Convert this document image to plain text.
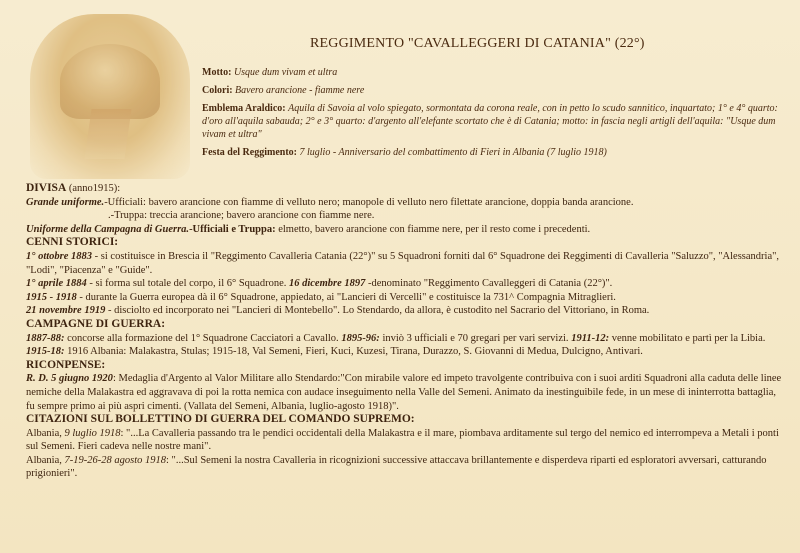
REGGIMENTO "CAVALLEGGERI DI CATANIA" (22°)
Motto: Usque dum vivam et ultra
Colori: Bavero arancione - fiamme nere
Emblema Araldico: Aquila di Savoia al volo spiegato, sormontata da corona reale, con in petto lo scudo sannitico, inquartato; 1° e 4° quarto: d'oro all'aquila sabauda; 2° e 3° quarto: d'argento all'elefante scortato che è di Catania; motto: in fascia negli artigli dell'aquila: "Usque dum vivam et ultra"
Festa del Reggimento: 7 luglio - Anniversario del combattimento di Fieri in Albania (7 luglio 1918)

DIVISA (anno1915):

Grande uniforme.-Ufficiali: bavero arancione con fiamme di velluto nero; manopole di velluto nero filettate arancione, doppia banda arancione.

.-Truppa: treccia arancione; bavero arancione con fiamme nere.

Uniforme della Campagna di Guerra.-Ufficiali e Truppa: elmetto, bavero arancione con fiamme nere, per il resto come i precedenti.

CENNI STORICI:

1° ottobre 1883 - si costituisce in Brescia il "Reggimento Cavalleria Catania (22°)" su 5 Squadroni forniti dal 6° Squadrone dei Reggimenti di Cavalleria "Saluzzo", "Alessandria", "Lodi", "Piacenza" e "Guide".

1° aprile 1884 - si forma sul totale del corpo, il 6° Squadrone. 16 dicembre 1897 -denominato "Reggimento Cavalleggeri di Catania (22°)".

1915 - 1918 - durante la Guerra europea dà il 6° Squadrone, appiedato, ai "Lancieri di Vercelli" e costituisce la 731^ Compagnia Mitraglieri.

21 novembre 1919 - disciolto ed incorporato nei "Lancieri di Montebello". Lo Stendardo, da allora, è custodito nel Sacrario del Vittoriano, in Roma.

CAMPAGNE DI GUERRA:

1887-88: concorse alla formazione del 1° Squadrone Cacciatori a Cavallo. 1895-96: inviò 3 ufficiali e 70 gregari per vari servizi. 1911-12: venne mobilitato e partì per la Libia. 1915-18: 1916 Albania: Malakastra, Stulas; 1915-18, Val Semeni, Fieri, Kuci, Kuzesi, Tirana, Durazzo, S. Giovanni di Medua, Dulcigno, Antivari.

RICONPENSE:

R. D. 5 giugno 1920: Medaglia d'Argento al Valor Militare allo Stendardo:"Con mirabile valore ed impeto travolgente contribuiva con i suoi arditi Squadroni alla caduta delle linee nemiche della Malakastra ed aggravava di poi la rotta nemica con audace inseguimento nella Valle del Semeni. Animato da inestinguibile fede, in un mese di ininterrotta battaglia, fu sempre primo ai più aspri cimenti. (Vallata del Semeni, Albania, luglio-agosto 1918)".

CITAZIONI SUL BOLLETTINO DI GUERRA DEL COMANDO SUPREMO:

Albania, 9 luglio 1918: "...La Cavalleria passando tra le pendici occidentali della Malakastra e il mare, piombava arditamente sul tergo del nemico ed interrompeva a Metali i ponti sul Semeni. Fieri cadeva nelle nostre mani".

Albania, 7-19-26-28 agosto 1918: "...Sul Semeni la nostra Cavalleria in ricognizioni successive attaccava brillantemente e disperdeva riparti ed esploratori avversari, catturando prigionieri".
